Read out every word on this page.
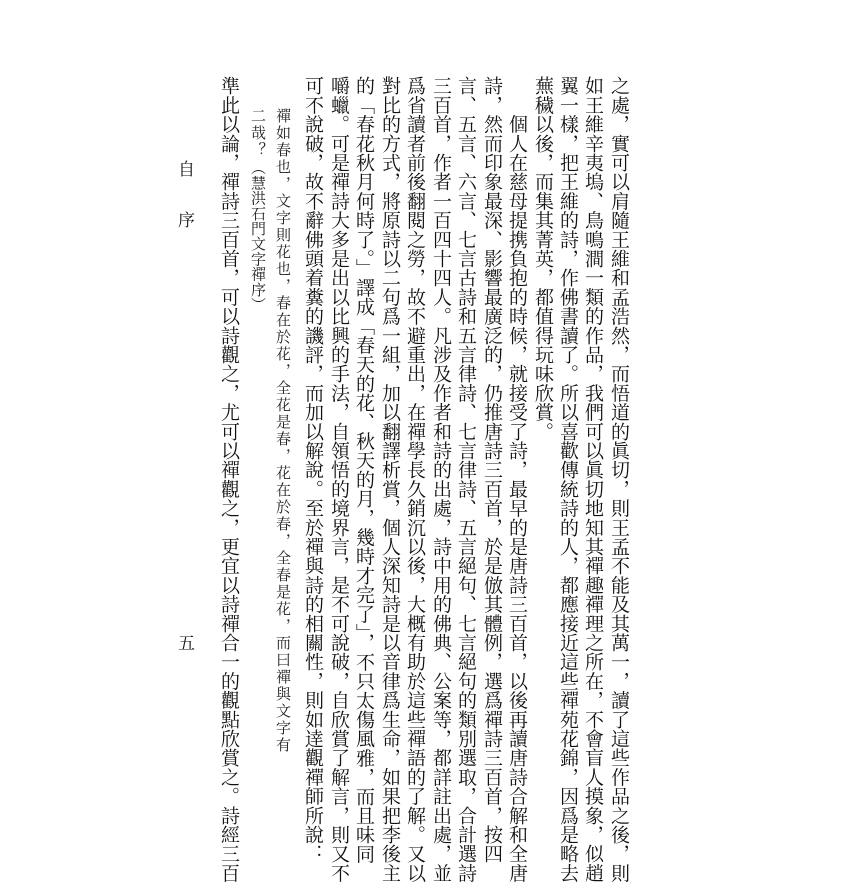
之處，實可以肩隨王維和孟浩然，而悟道的眞切，則王孟不能及其萬一，讀了這些作品之後，則
如王維辛夷塢、鳥鳴澗一類的作品，我們可以眞切地知其禪趣禪理之所在，不會盲人摸象，似趙
翼一樣，把王維的詩，作佛書讀了。所以喜歡傳統詩的人，都應接近這些禪苑花錦，因爲是略去
蕪穢以後，而集其菁英，都值得玩味欣賞。
　　個人在慈母提携負抱的時候，就接受了詩，最早的是唐詩三百首，以後再讀唐詩合解和全唐
詩，然而印象最深、影響最廣泛的，仍推唐詩三百首，於是倣其體例，選爲禪詩三百首，按四
言、五言、六言、七言古詩和五言律詩、七言律詩、五言絕句、七言絕句的類別選取，合計選詩
三百首，作者一百四十四人。凡涉及作者和詩的出處，詩中用的佛典、公案等，都詳註出處，並
爲省讀者前後翻閱之勞，故不避重出，在禪學長久銷沉以後，大概有助於這些禪語的了解。又以
對比的方式，將原詩以二句爲一組，加以翻譯析賞，個人深知詩是以音律爲生命，如果把李後主
的「春花秋月何時了。」譯成「春天的花、秋天的月，幾時才完了」，不只太傷風雅，而且味同
嚼蠟。可是禪詩大多是出以比興的手法，自領悟的境界言，是不可說破，自欣賞了解言，則又不
可不說破，故不辭佛頭着糞的譏評，而加以解說。至於禪與詩的相關性，則如逹觀禪師所說：
禪如春也，文字則花也，春在於花，全花是春，花在於春，全春是花，而曰禪與文字有
二哉？
（慧洪石門文字禪序）
準此以論，禪詩三百首，可以詩觀之，尤可以禪觀之，更宜以詩禪合一的觀點欣賞之。詩經三百
自　　序
五
